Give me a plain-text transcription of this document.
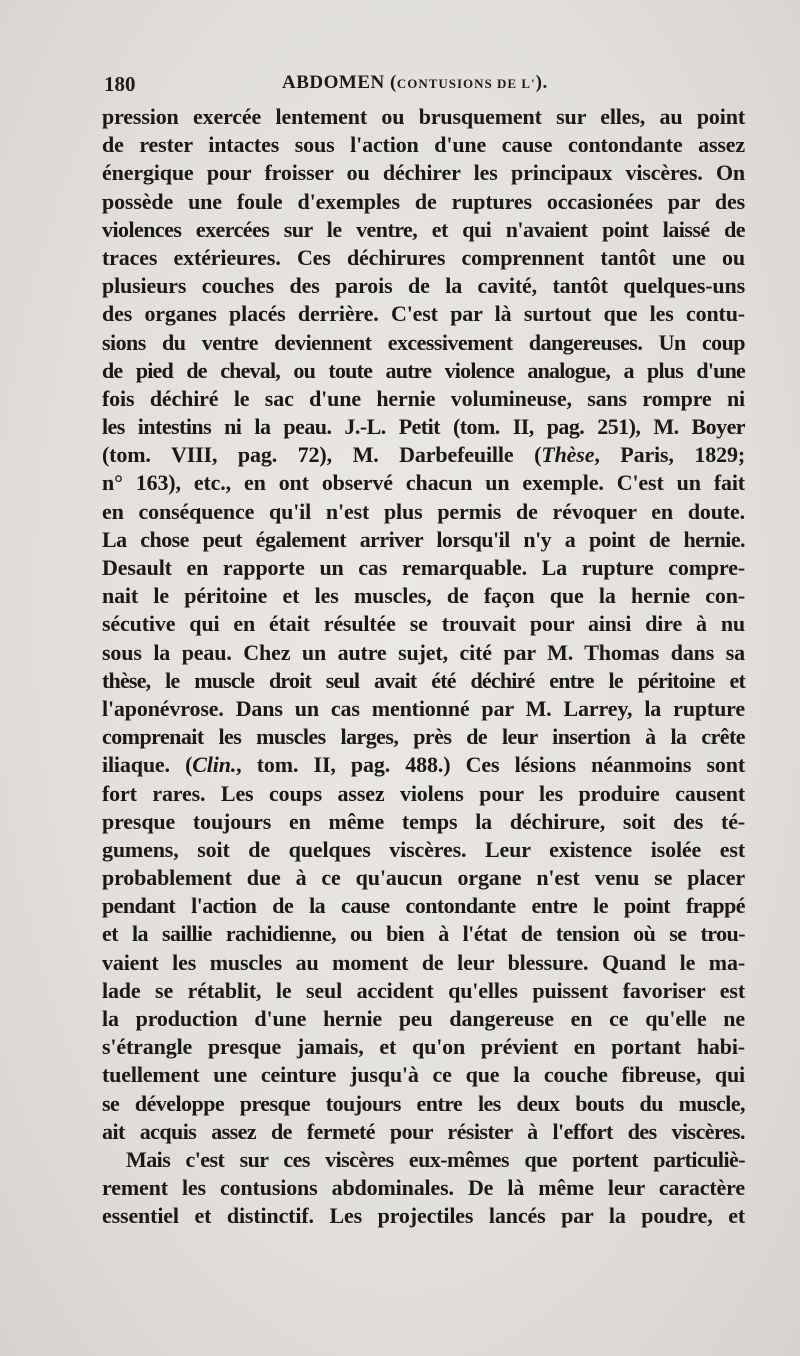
180	ABDOMEN (CONTUSIONS DE L').
pression exercée lentement ou brusquement sur elles, au point
de rester intactes sous l'action d'une cause contondante assez
énergique pour froisser ou déchirer les principaux viscères. On
possède une foule d'exemples de ruptures occasionées par des
violences exercées sur le ventre, et qui n'avaient point laissé de
traces extérieures. Ces déchirures comprennent tantôt une ou
plusieurs couches des parois de la cavité, tantôt quelques-uns
des organes placés derrière. C'est par là surtout que les contu-
sions du ventre deviennent excessivement dangereuses. Un coup
de pied de cheval, ou toute autre violence analogue, a plus d'une
fois déchiré le sac d'une hernie volumineuse, sans rompre ni
les intestins ni la peau. J.-L. Petit (tom. II, pag. 251), M. Boyer
(tom. VIII, pag. 72), M. Darbefeuille (Thèse, Paris, 1829;
n° 163), etc., en ont observé chacun un exemple. C'est un fait
en conséquence qu'il n'est plus permis de révoquer en doute.
La chose peut également arriver lorsqu'il n'y a point de hernie.
Desault en rapporte un cas remarquable. La rupture compre-
nait le péritoine et les muscles, de façon que la hernie con-
sécutive qui en était résultée se trouvait pour ainsi dire à nu
sous la peau. Chez un autre sujet, cité par M. Thomas dans sa
thèse, le muscle droit seul avait été déchiré entre le péritoine et
l'aponévrose. Dans un cas mentionné par M. Larrey, la rupture
comprenait les muscles larges, près de leur insertion à la crête
iliaque. (Clin., tom. II, pag. 488.) Ces lésions néanmoins sont
fort rares. Les coups assez violens pour les produire causent
presque toujours en même temps la déchirure, soit des té-
gumens, soit de quelques viscères. Leur existence isolée est
probablement due à ce qu'aucun organe n'est venu se placer
pendant l'action de la cause contondante entre le point frappé
et la saillie rachidienne, ou bien à l'état de tension où se trou-
vaient les muscles au moment de leur blessure. Quand le ma-
lade se rétablit, le seul accident qu'elles puissent favoriser est
la production d'une hernie peu dangereuse en ce qu'elle ne
s'étrangle presque jamais, et qu'on prévient en portant habi-
tuellement une ceinture jusqu'à ce que la couche fibreuse, qui
se développe presque toujours entre les deux bouts du muscle,
ait acquis assez de fermeté pour résister à l'effort des viscères.
Mais c'est sur ces viscères eux-mêmes que portent particuliè-
rement les contusions abdominales. De là même leur caractère
essentiel et distinctif. Les projectiles lancés par la poudre, et
